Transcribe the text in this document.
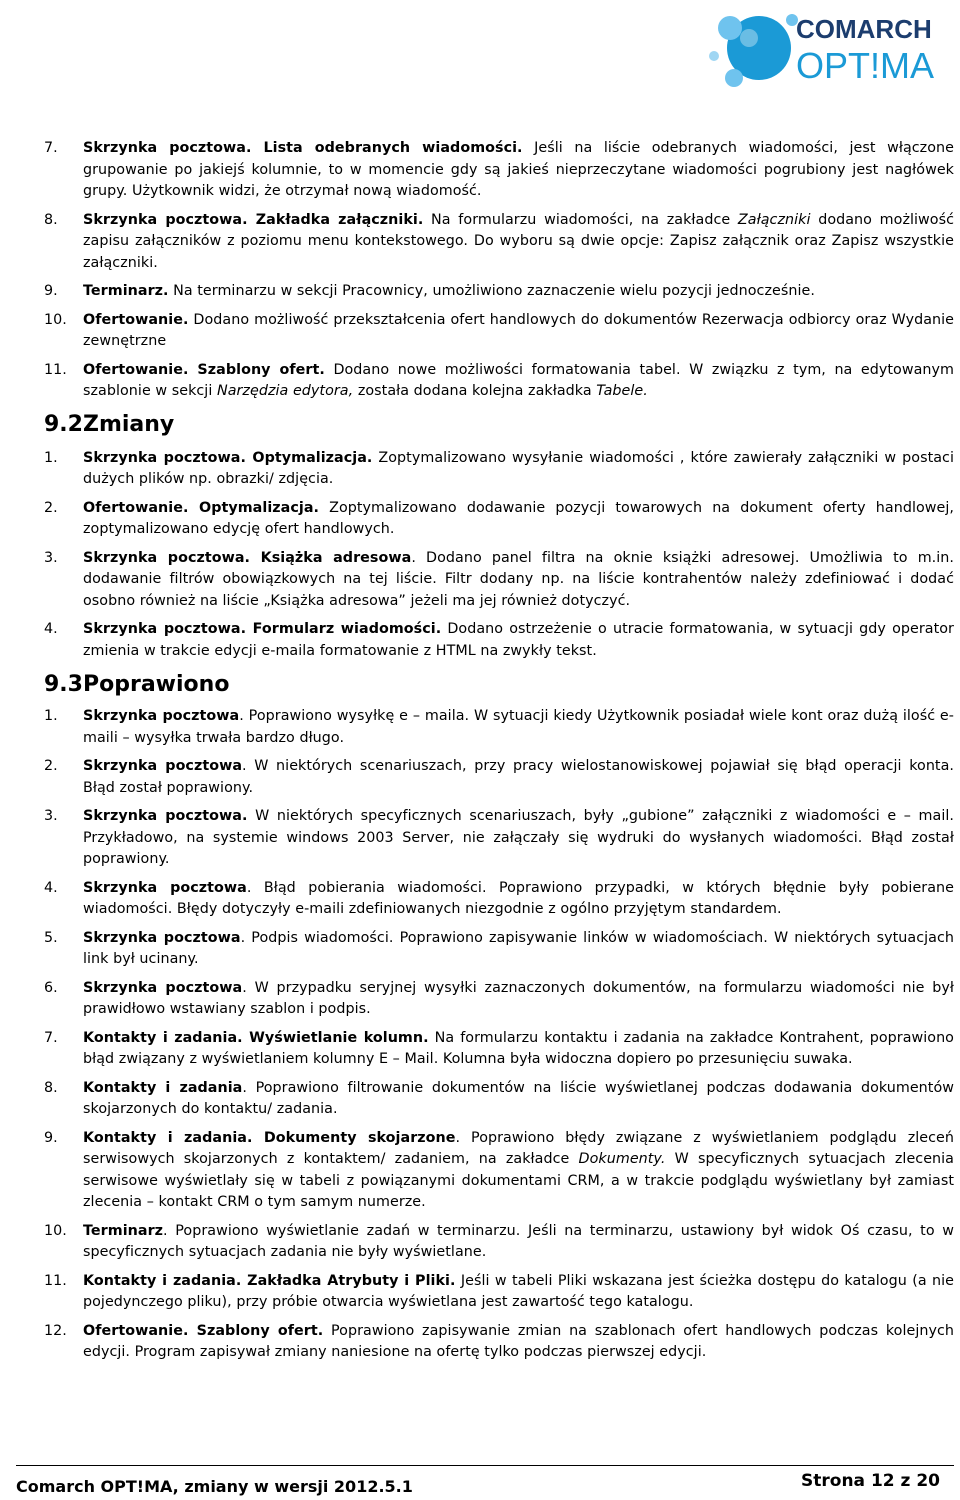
COMARCH
OPT!MA
7.	Skrzynka pocztowa. Lista odebranych wiadomości. Jeśli na liście odebranych wiadomości, jest włączone grupowanie po jakiejś kolumnie, to w momencie gdy są jakieś nieprzeczytane wiadomości pogrubiony jest nagłówek grupy. Użytkownik widzi, że otrzymał nową wiadomość.
8.	Skrzynka pocztowa. Zakładka załączniki. Na formularzu wiadomości, na zakładce Załączniki dodano możliwość zapisu załączników z poziomu menu kontekstowego. Do wyboru są dwie opcje: Zapisz załącznik oraz Zapisz wszystkie załączniki.
9.	Terminarz. Na terminarzu w sekcji Pracownicy, umożliwiono zaznaczenie wielu pozycji jednocześnie.
10.	Ofertowanie. Dodano możliwość przekształcenia ofert handlowych do dokumentów Rezerwacja odbiorcy oraz Wydanie zewnętrzne
11.	Ofertowanie. Szablony ofert. Dodano nowe możliwości formatowania tabel. W związku z tym, na edytowanym szablonie w sekcji Narzędzia edytora, została dodana kolejna zakładka Tabele.
9.2 Zmiany
1.	Skrzynka pocztowa. Optymalizacja. Zoptymalizowano wysyłanie wiadomości , które zawierały załączniki w postaci dużych plików np. obrazki/ zdjęcia.
2.	Ofertowanie. Optymalizacja. Zoptymalizowano dodawanie pozycji towarowych na dokument oferty handlowej, zoptymalizowano edycję ofert handlowych.
3.	Skrzynka pocztowa. Książka adresowa. Dodano panel filtra na oknie książki adresowej. Umożliwia to m.in. dodawanie filtrów obowiązkowych na tej liście. Filtr dodany np. na liście kontrahentów należy zdefiniować i dodać osobno również na liście „Książka adresowa” jeżeli ma jej również dotyczyć.
4.	Skrzynka pocztowa. Formularz wiadomości. Dodano ostrzeżenie o utracie formatowania, w sytuacji gdy operator zmienia w trakcie edycji e-maila formatowanie z HTML na zwykły tekst.
9.3 Poprawiono
1.	Skrzynka pocztowa. Poprawiono wysyłkę e – maila. W sytuacji kiedy Użytkownik posiadał wiele kont oraz dużą ilość e-maili – wysyłka trwała bardzo długo.
2.	Skrzynka pocztowa. W niektórych scenariuszach, przy pracy wielostanowiskowej pojawiał się błąd operacji konta. Błąd został poprawiony.
3.	Skrzynka pocztowa. W niektórych specyficznych scenariuszach, były „gubione” załączniki z wiadomości e – mail. Przykładowo, na systemie windows 2003 Server, nie załączały się wydruki do wysłanych wiadomości. Błąd został poprawiony.
4.	Skrzynka pocztowa. Błąd pobierania wiadomości. Poprawiono przypadki, w których błędnie były pobierane wiadomości. Błędy dotyczyły e-maili zdefiniowanych niezgodnie z ogólno przyjętym standardem.
5.	Skrzynka pocztowa. Podpis wiadomości. Poprawiono zapisywanie linków w wiadomościach. W niektórych sytuacjach link był ucinany.
6.	Skrzynka pocztowa. W przypadku seryjnej wysyłki zaznaczonych dokumentów, na formularzu wiadomości nie był prawidłowo wstawiany szablon i podpis.
7.	Kontakty i zadania. Wyświetlanie kolumn. Na formularzu kontaktu i zadania na zakładce Kontrahent, poprawiono błąd związany z wyświetlaniem kolumny E – Mail. Kolumna była widoczna dopiero po przesunięciu suwaka.
8.	Kontakty i zadania. Poprawiono filtrowanie dokumentów na liście wyświetlanej podczas dodawania dokumentów skojarzonych do kontaktu/ zadania.
9.	Kontakty i zadania. Dokumenty skojarzone. Poprawiono błędy związane z wyświetlaniem podglądu zleceń serwisowych skojarzonych z kontaktem/ zadaniem, na zakładce Dokumenty. W specyficznych sytuacjach zlecenia serwisowe wyświetlały się w tabeli z powiązanymi dokumentami CRM, a w trakcie podglądu wyświetlany był zamiast zlecenia – kontakt CRM o tym samym numerze.
10.	Terminarz. Poprawiono wyświetlanie zadań w terminarzu. Jeśli na terminarzu, ustawiony był widok Oś czasu, to w specyficznych sytuacjach zadania nie były wyświetlane.
11.	Kontakty i zadania. Zakładka Atrybuty i Pliki. Jeśli w tabeli Pliki wskazana jest ścieżka dostępu do katalogu (a nie pojedynczego pliku), przy próbie otwarcia wyświetlana jest zawartość tego katalogu.
12.	Ofertowanie. Szablony ofert. Poprawiono zapisywanie zmian na szablonach ofert handlowych podczas kolejnych edycji. Program zapisywał zmiany naniesione na ofertę tylko podczas pierwszej edycji.
Comarch OPT!MA, zmiany w wersji 2012.5.1	Strona 12 z 20
